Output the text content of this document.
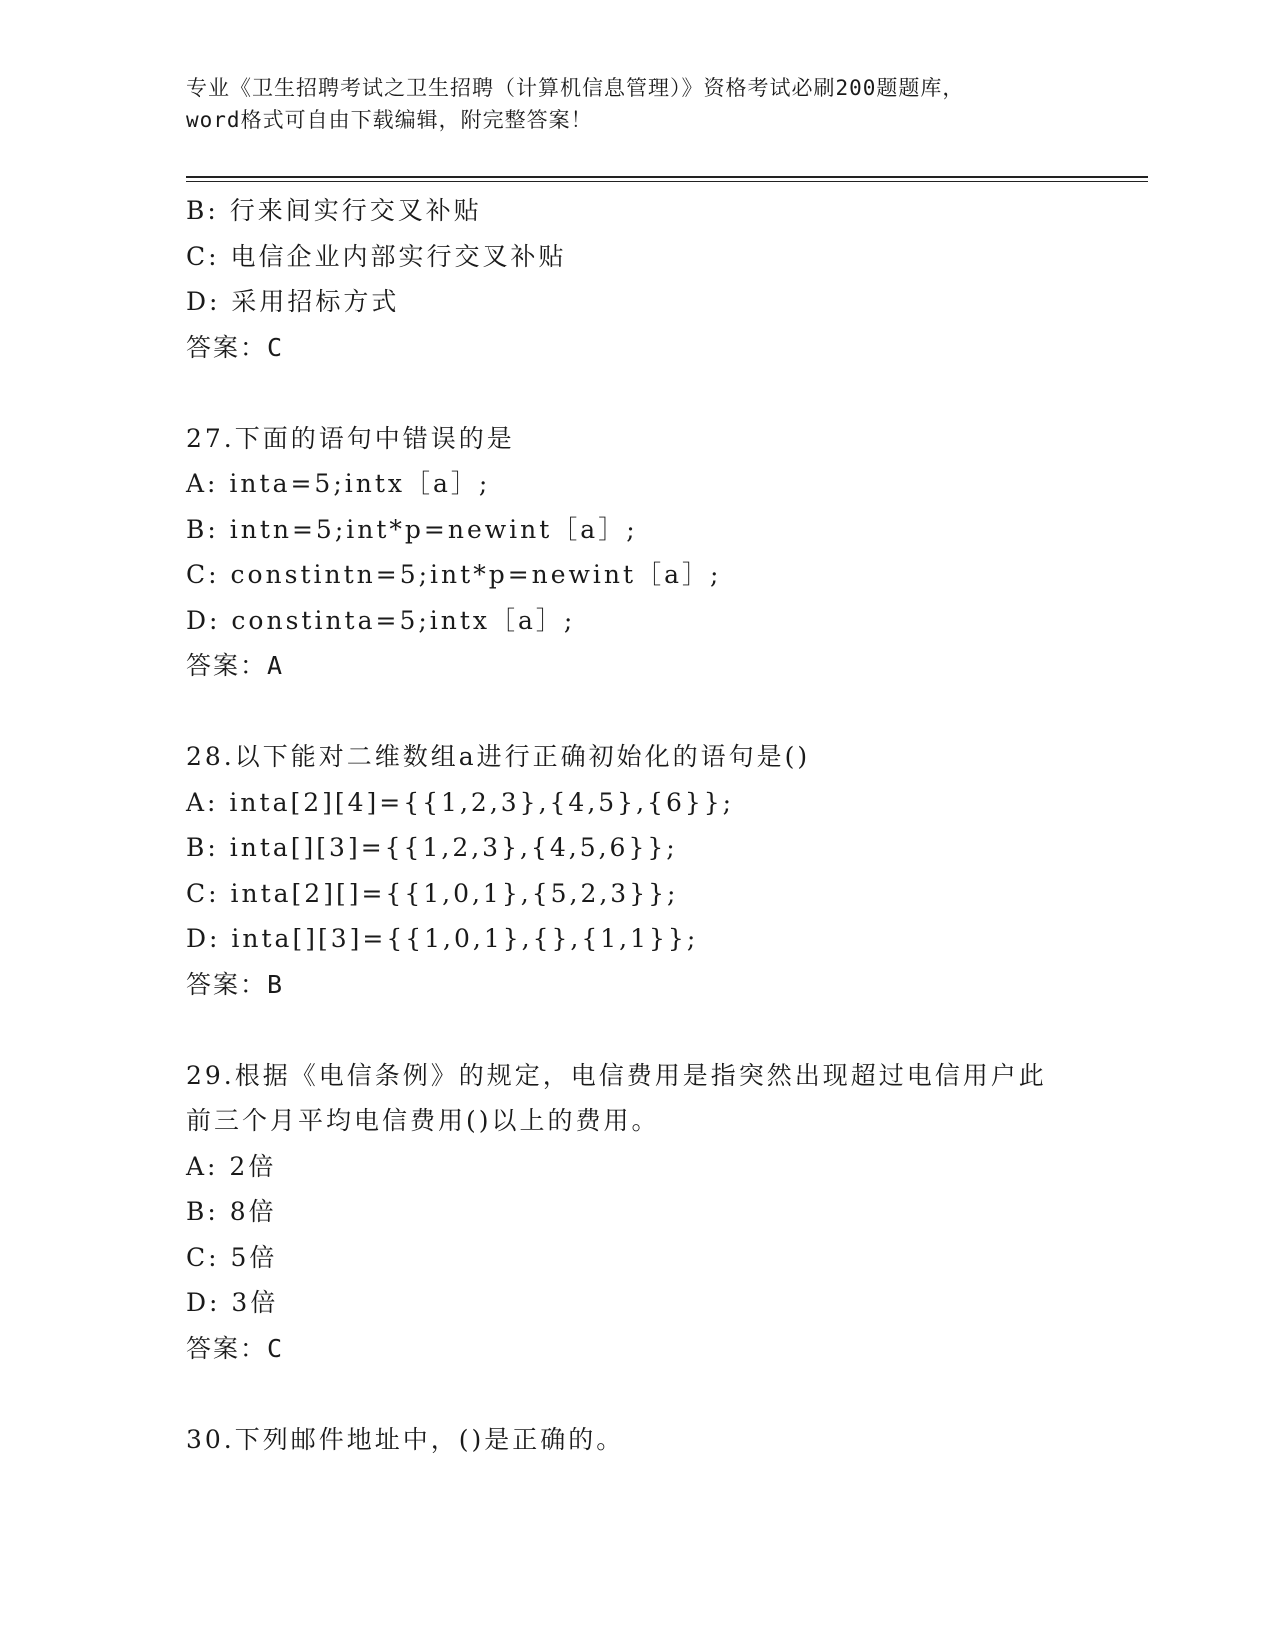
专业《卫生招聘考试之卫生招聘（计算机信息管理）》资格考试必刷200题题库，
word格式可自由下载编辑，附完整答案！
B: 行来间实行交叉补贴
C: 电信企业内部实行交叉补贴
D: 采用招标方式
答案：C
27.下面的语句中错误的是
A: inta=5;intx［a］;
B: intn=5;int*p=newint［a］;
C: constintn=5;int*p=newint［a］;
D: constinta=5;intx［a］;
答案：A
28.以下能对二维数组a进行正确初始化的语句是()
A: inta[2][4]={{1,2,3},{4,5},{6}};
B: inta[][3]={{1,2,3},{4,5,6}};
C: inta[2][]={{1,0,1},{5,2,3}};
D: inta[][3]={{1,0,1},{},{1,1}};
答案：B
29.根据《电信条例》的规定，电信费用是指突然出现超过电信用户此
前三个月平均电信费用()以上的费用。
A: 2倍
B: 8倍
C: 5倍
D: 3倍
答案：C
30.下列邮件地址中，()是正确的。
